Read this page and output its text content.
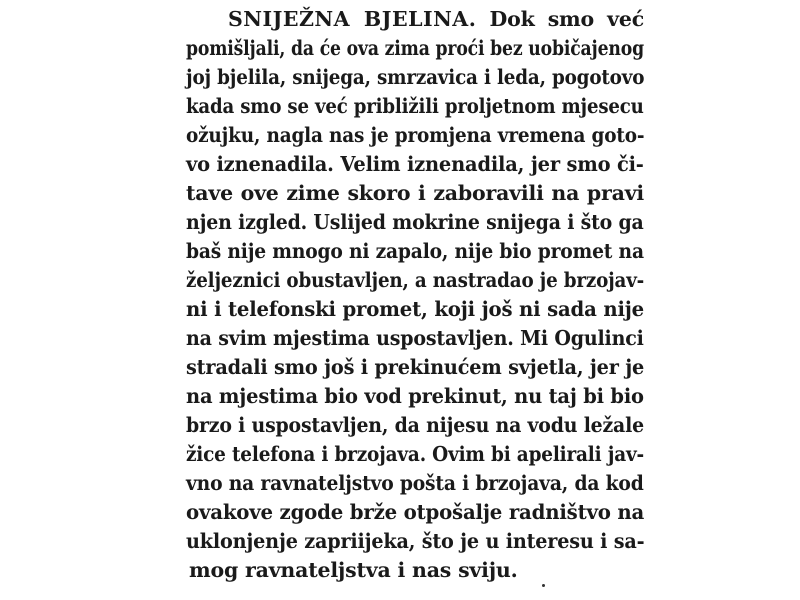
SNIJEŽNA BJELINA. Dok smo već
pomišljali, da će ova zima proći bez uobičajenog
joj bjelila, snijega, smrzavica i leda, pogotovo
kada smo se već približili proljetnom mjesecu
ožujku, nagla nas je promjena vremena goto-
vo iznenadila. Velim iznenadila, jer smo či-
tave ove zime skoro i zaboravili na pravi
njen izgled. Uslijed mokrine snijega i što ga
baš nije mnogo ni zapalo, nije bio promet na
željeznici obustavljen, a nastradao je brzojav-
ni i telefonski promet, koji još ni sada nije
na svim mjestima uspostavljen. Mi Ogulinci
stradali smo još i prekinućem svjetla, jer je
na mjestima bio vod prekinut, nu taj bi bio
brzo i uspostavljen, da nijesu na vodu ležale
žice telefona i brzojava. Ovim bi apelirali jav-
vno na ravnateljstvo pošta i brzojava, da kod
ovakove zgode brže otpošalje radništvo na
uklonjenje zapriijeka, što je u interesu i sa-
mog ravnateljstva i nas sviju.
